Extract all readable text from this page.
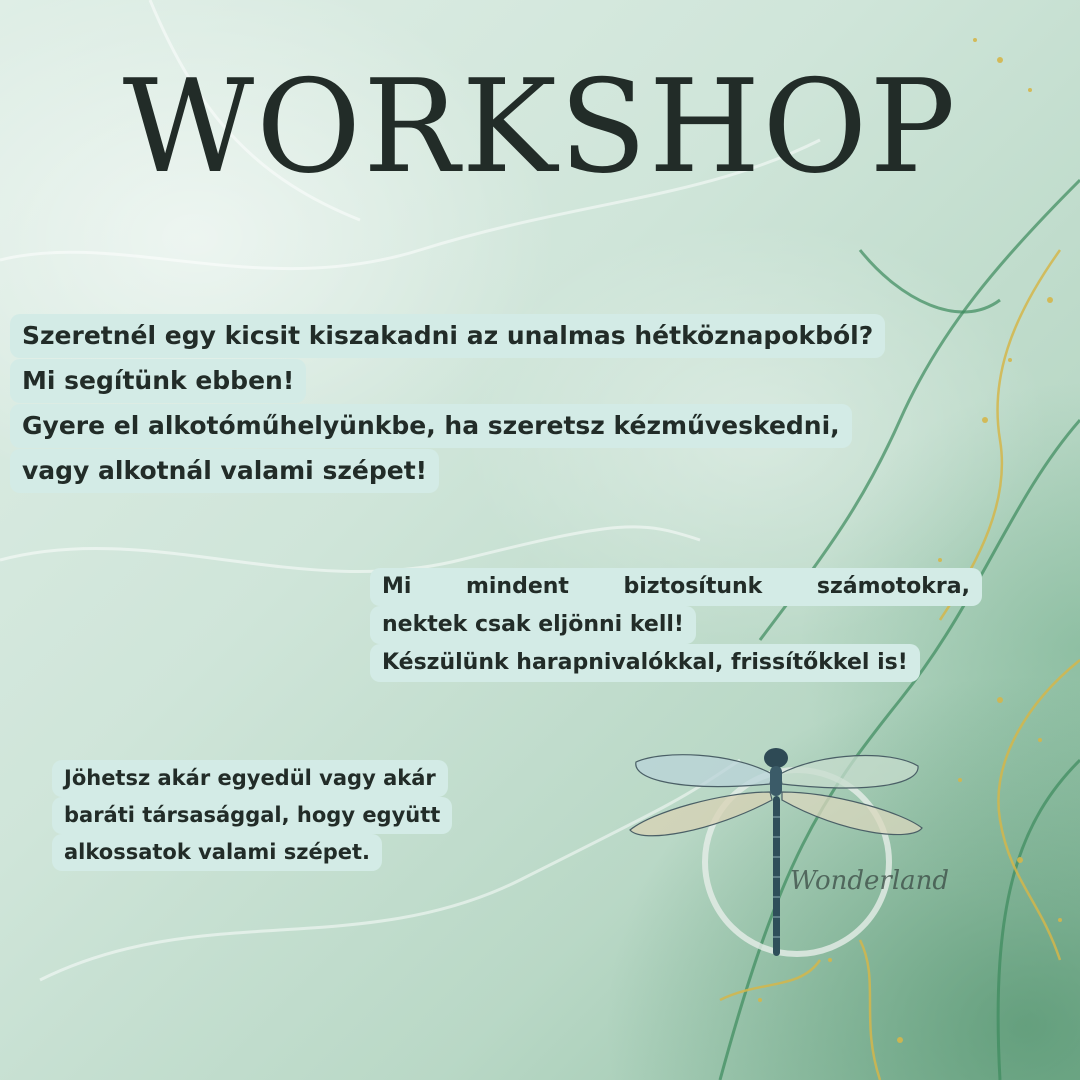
WORKSHOP
Szeretnél egy kicsit kiszakadni az unalmas hétköznapokból?
Mi segítünk ebben!
Gyere el alkotóműhelyünkbe, ha szeretsz kézműveskedni,
vagy alkotnál valami szépet!
Mi mindent biztosítunk számotokra,
nektek csak eljönni kell!
Készülünk harapnivalókkal, frissítőkkel is!
Jöhetsz akár egyedül vagy akár
baráti társasággal, hogy együtt
alkossatok valami szépet.
Wonderland
